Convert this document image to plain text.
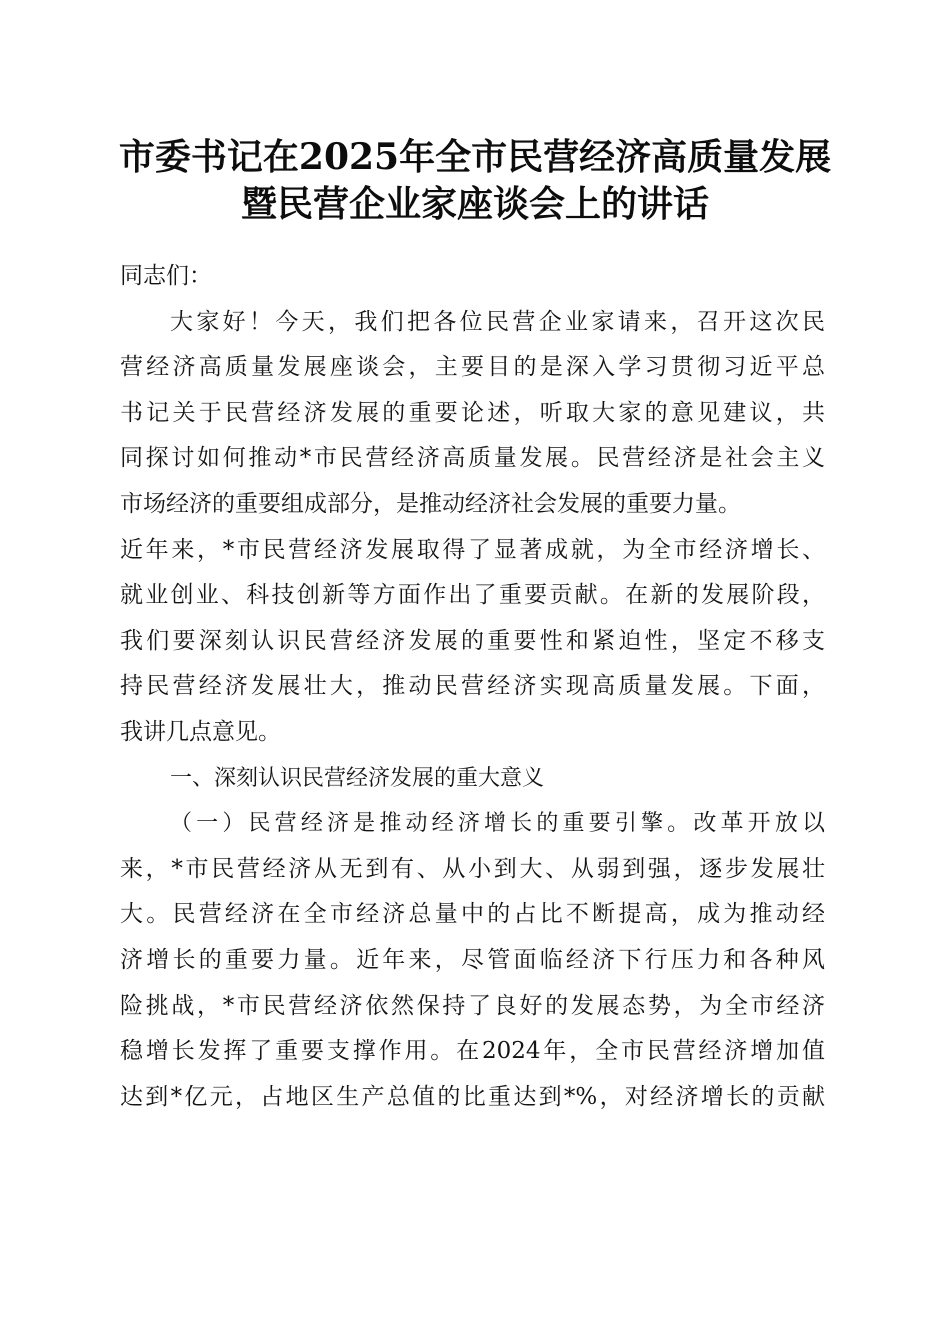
市委书记在2025年全市民营经济高质量发展
暨民营企业家座谈会上的讲话
同志们：
大家好！今天，我们把各位民营企业家请来，召开这次民
营经济高质量发展座谈会，主要目的是深入学习贯彻习近平总
书记关于民营经济发展的重要论述，听取大家的意见建议，共
同探讨如何推动*市民营经济高质量发展。民营经济是社会主义
市场经济的重要组成部分，是推动经济社会发展的重要力量。
近年来，*市民营经济发展取得了显著成就，为全市经济增长、
就业创业、科技创新等方面作出了重要贡献。在新的发展阶段，
我们要深刻认识民营经济发展的重要性和紧迫性，坚定不移支
持民营经济发展壮大，推动民营经济实现高质量发展。下面，
我讲几点意见。
一、深刻认识民营经济发展的重大意义
（一）民营经济是推动经济增长的重要引擎。改革开放以
来，*市民营经济从无到有、从小到大、从弱到强，逐步发展壮
大。民营经济在全市经济总量中的占比不断提高，成为推动经
济增长的重要力量。近年来，尽管面临经济下行压力和各种风
险挑战，*市民营经济依然保持了良好的发展态势，为全市经济
稳增长发挥了重要支撑作用。在2024年，全市民营经济增加值
达到*亿元，占地区生产总值的比重达到*%，对经济增长的贡献
